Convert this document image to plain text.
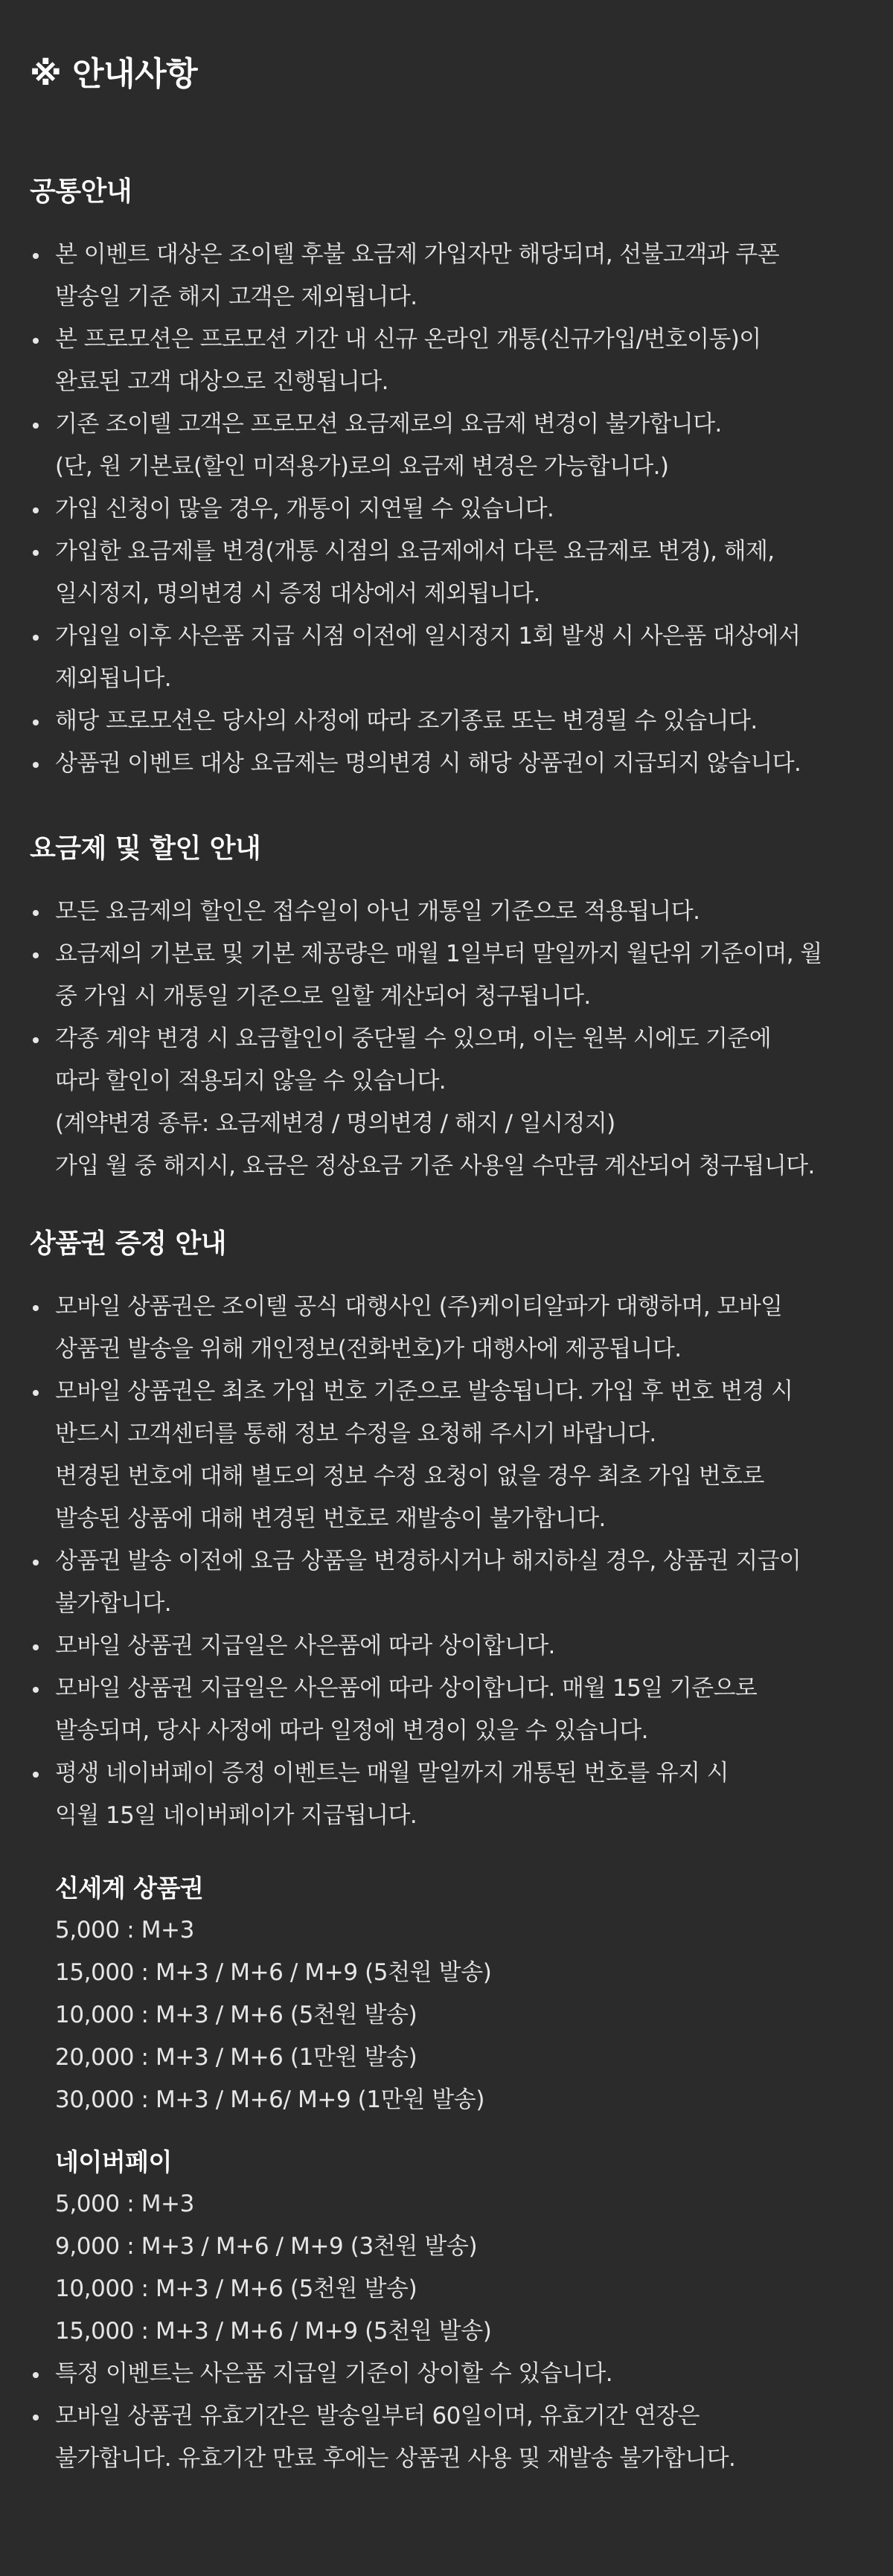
※ 안내사항
공통안내
본 이벤트 대상은 조이텔 후불 요금제 가입자만 해당되며, 선불고객과 쿠폰
발송일 기준 해지 고객은 제외됩니다.
본 프로모션은 프로모션 기간 내 신규 온라인 개통(신규가입/번호이동)이
완료된 고객 대상으로 진행됩니다.
기존 조이텔 고객은 프로모션 요금제로의 요금제 변경이 불가합니다.
(단, 원 기본료(할인 미적용가)로의 요금제 변경은 가능합니다.)
가입 신청이 많을 경우, 개통이 지연될 수 있습니다.
가입한 요금제를 변경(개통 시점의 요금제에서 다른 요금제로 변경), 해제,
일시정지, 명의변경 시 증정 대상에서 제외됩니다.
가입일 이후 사은품 지급 시점 이전에 일시정지 1회 발생 시 사은품 대상에서
제외됩니다.
해당 프로모션은 당사의 사정에 따라 조기종료 또는 변경될 수 있습니다.
상품권 이벤트 대상 요금제는 명의변경 시 해당 상품권이 지급되지 않습니다.
요금제 및 할인 안내
모든 요금제의 할인은 접수일이 아닌 개통일 기준으로 적용됩니다.
요금제의 기본료 및 기본 제공량은 매월 1일부터 말일까지 월단위 기준이며, 월
중 가입 시 개통일 기준으로 일할 계산되어 청구됩니다.
각종 계약 변경 시 요금할인이 중단될 수 있으며, 이는 원복 시에도 기준에
따라 할인이 적용되지 않을 수 있습니다.
(계약변경 종류: 요금제변경 / 명의변경 / 해지 / 일시정지)
가입 월 중 해지시, 요금은 정상요금 기준 사용일 수만큼 계산되어 청구됩니다.
상품권 증정 안내
모바일 상품권은 조이텔 공식 대행사인 (주)케이티알파가 대행하며, 모바일
상품권 발송을 위해 개인정보(전화번호)가 대행사에 제공됩니다.
모바일 상품권은 최초 가입 번호 기준으로 발송됩니다. 가입 후 번호 변경 시
반드시 고객센터를 통해 정보 수정을 요청해 주시기 바랍니다.
변경된 번호에 대해 별도의 정보 수정 요청이 없을 경우 최초 가입 번호로
발송된 상품에 대해 변경된 번호로 재발송이 불가합니다.
상품권 발송 이전에 요금 상품을 변경하시거나 해지하실 경우, 상품권 지급이
불가합니다.
모바일 상품권 지급일은 사은품에 따라 상이합니다.
모바일 상품권 지급일은 사은품에 따라 상이합니다. 매월 15일 기준으로
발송되며, 당사 사정에 따라 일정에 변경이 있을 수 있습니다.
평생 네이버페이 증정 이벤트는 매월 말일까지 개통된 번호를 유지 시
익월 15일 네이버페이가 지급됩니다.
신세계 상품권
5,000 : M+3
15,000 : M+3 / M+6 / M+9 (5천원 발송)
10,000 : M+3 / M+6 (5천원 발송)
20,000 : M+3 / M+6 (1만원 발송)
30,000 : M+3 / M+6/ M+9 (1만원 발송)
네이버페이
5,000 : M+3
9,000 : M+3 / M+6 / M+9 (3천원 발송)
10,000 : M+3 / M+6 (5천원 발송)
15,000 : M+3 / M+6 / M+9 (5천원 발송)
특정 이벤트는 사은품 지급일 기준이 상이할 수 있습니다.
모바일 상품권 유효기간은 발송일부터 60일이며, 유효기간 연장은
불가합니다. 유효기간 만료 후에는 상품권 사용 및 재발송 불가합니다.
